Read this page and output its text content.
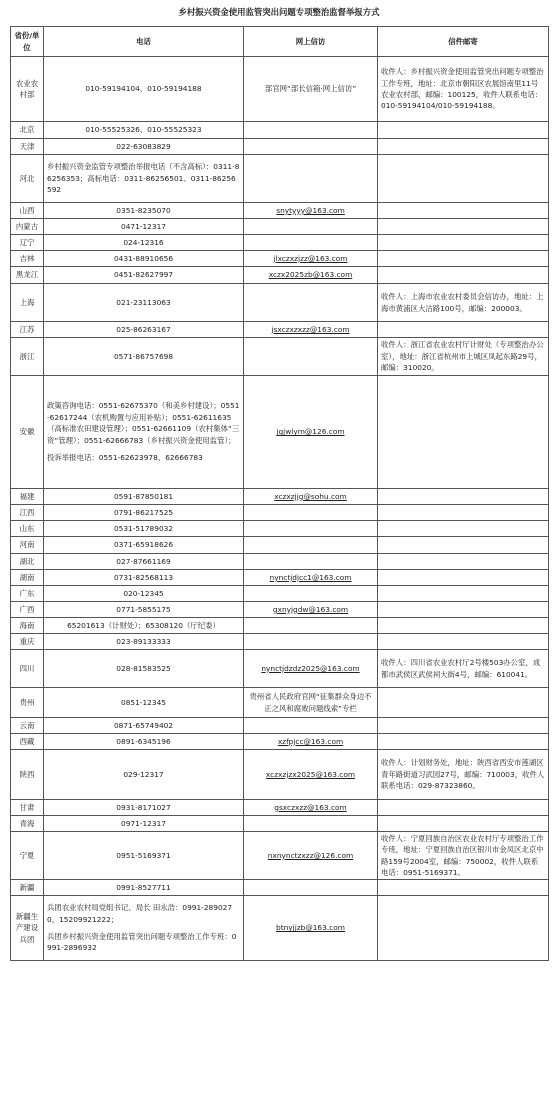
乡村振兴资金使用监管突出问题专项整治监督举报方式
省份/单位	电话	网上信访	信件邮寄
农业农村部	010-59194104、010-59194188	部官网“部长信箱·网上信访”	收件人：乡村振兴资金使用监管突出问题专项整治工作专班，地址：北京市朝阳区农展馆南里11号农业农村部，邮编：100125，收件人联系电话：010-59194104/010-59194188。
北京	010-55525326、010-55525323		

天津	022-63083829		

河北	乡村振兴资金监管专项整治举报电话（不含高标）：0311-86256353；高标电话：0311-86256501、0311-86256592		

山西	0351-8235070	snytyyy@163.com	
内蒙古	0471-12317		

辽宁	024-12316		

吉林	0431-88910656	jlxczxzjzz@163.com	
黑龙江	0451-82627997	xczx2025zb@163.com	
上海	021-23113063		收件人：上海市农业农村委员会信访办，地址：上海市黄浦区大沽路100号，邮编：200003。
江苏	025-86263167	jsxczxzxzz@163.com	
浙江	0571-86757698		收件人：浙江省农业农村厅计财处（专项整治办公室），地址：浙江省杭州市上城区凤起东路29号，邮编：310020。
安徽	政策咨询电话：0551-62675370（和美乡村建设）；0551-62617244（农机购置与应用补贴）；0551-62611635（高标准农田建设管理）；0551-62661109（农村集体“三资”管理）；0551-62666783（乡村振兴资金使用监管）；
投诉举报电话：0551-62623978、62666783	jgjwlym@126.com	
福建	0591-87850181	xczxzjjg@sohu.com	
江西	0791-86217525		

山东	0531-51789032		

河南	0371-65918626		

湖北	027-87661169		

湖南	0731-82568113	nynctjdjcc1@163.com	
广东	020-12345		

广西	0771-5855175	gxnyjgdw@163.com	
海南	65201613（计财处）；65308120（厅纪委）		

重庆	023-89133333		

四川	028-81583525	nynctjdzdz2025@163.com	收件人：四川省农业农村厅2号楼503办公室，成都市武侯区武侯祠大街4号，邮编：610041。
贵州	0851-12345	贵州省人民政府官网“征集群众身边不正之风和腐败问题线索”专栏	
云南	0871-65749402		

西藏	0891-6345196	xzfpjcc@163.com	
陕西	029-12317	xczxzjzx2025@163.com	收件人：计划财务处，地址：陕西省西安市莲湖区青年路街道习武园27号，邮编：710003，收件人联系电话：029-87323860。
甘肃	0931-8171027	gsxczxzz@163.com	
青海	0971-12317		

宁夏	0951-5169371	nxnynctzxzz@126.com	收件人：宁夏回族自治区农业农村厅专项整治工作专班，地址：宁夏回族自治区银川市金凤区北京中路159号2004室，邮编：750002，收件人联系电话：0951-5169371。
新疆	0991-8527711		

新疆生产建设兵团	兵团农业农村局党组书记、局长 田永浩：0991-2890270，15209921222；
兵团乡村振兴资金使用监管突出问题专项整治工作专班：0991-2896932	btnyjjzb@163.com	
